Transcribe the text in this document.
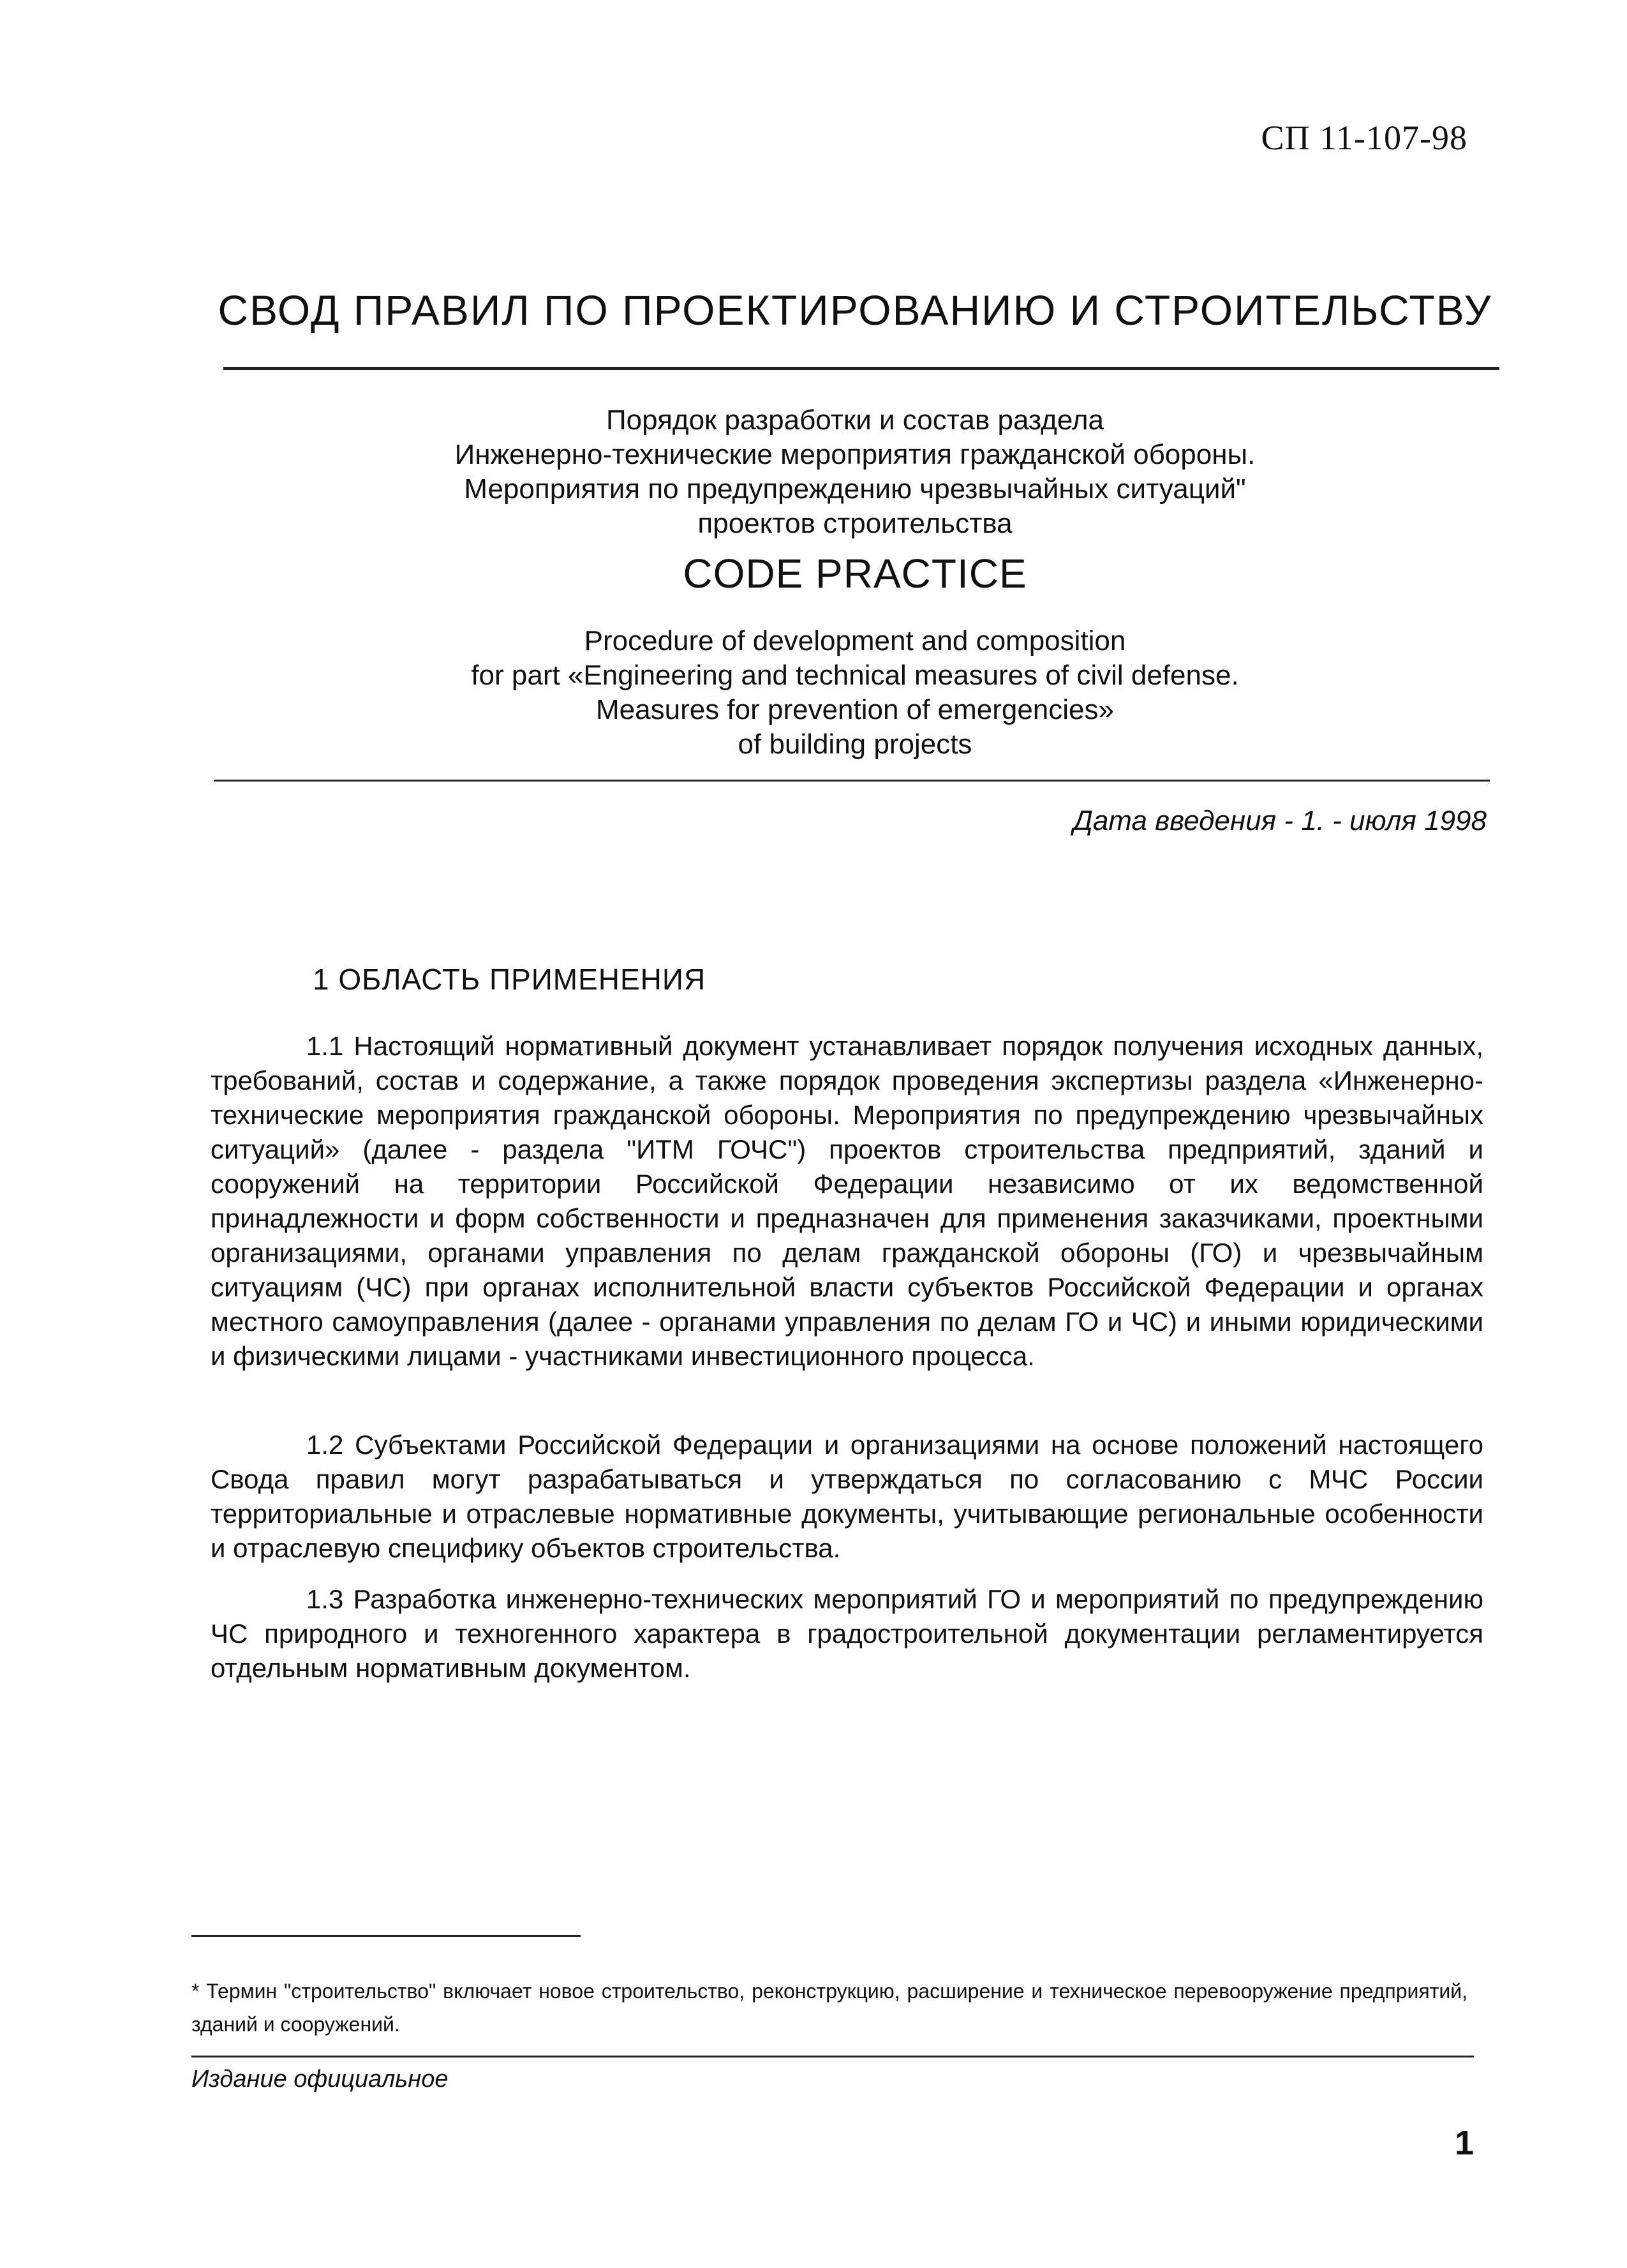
СП 11-107-98
СВОД ПРАВИЛ ПО ПРОЕКТИРОВАНИЮ И СТРОИТЕЛЬСТВУ
Порядок разработки и состав раздела
Инженерно-технические мероприятия гражданской обороны.
Мероприятия по предупреждению чрезвычайных ситуаций"
проектов строительства
CODE PRACTICE
Procedure of development and composition
for part «Engineering and technical measures of civil defense.
Measures for prevention of emergencies»
of building projects
Дата введения - 1. - июля 1998
1 ОБЛАСТЬ ПРИМЕНЕНИЯ

1.1 Настоящий нормативный документ устанавливает порядок получения исходных данных, требований, состав и содержание, а также порядок проведения экспертизы раздела «Инженерно-технические мероприятия гражданской обороны. Мероприятия по предупреждению чрезвычайных ситуаций» (далее - раздела "ИТМ ГОЧС") проектов строительства предприятий, зданий и сооружений на территории Российской Федерации независимо от их ведомственной принадлежности и форм собственности и предназначен для применения заказчиками, проектными организациями, органами управления по делам гражданской обороны (ГО) и чрезвычайным ситуациям (ЧС) при органах исполнительной власти субъектов Российской Федерации и органах местного самоуправления (далее - органами управления по делам ГО и ЧС) и иными юридическими и физическими лицами - участниками инвестиционного процесса.

1.2 Субъектами Российской Федерации и организациями на основе положений настоящего Свода правил могут разрабатываться и утверждаться по согласованию с МЧС России территориальные и отраслевые нормативные документы, учитывающие региональные особенности и отраслевую специфику объектов строительства.

1.3 Разработка инженерно-технических мероприятий ГО и мероприятий по предупреждению ЧС природного и техногенного характера в градостроительной документации регламентируется отдельным нормативным документом.

* Термин "строительство" включает новое строительство, реконструкцию, расширение и техническое перевооружение предприятий, зданий и сооружений.

Издание официальное
1
